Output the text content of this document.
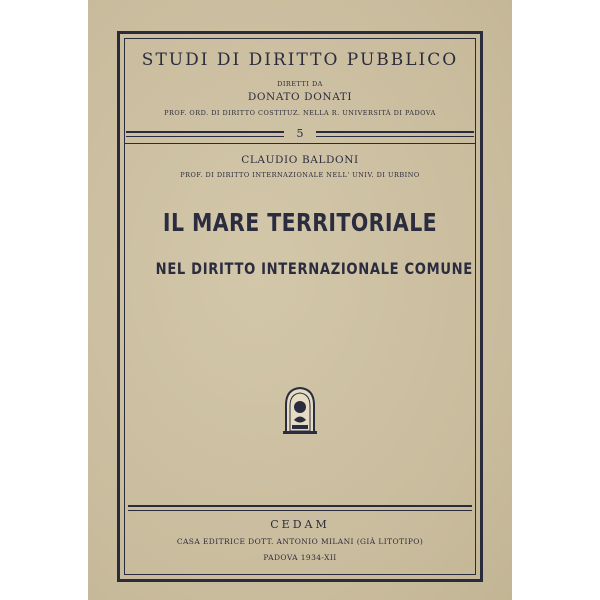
STUDI DI DIRITTO PUBBLICO
DIRETTI DA
DONATO DONATI
PROF. ORD. DI DIRITTO COSTITUZ. NELLA R. UNIVERSITÀ DI PADOVA
5
CLAUDIO BALDONI
PROF. DI DIRITTO INTERNAZIONALE NELL' UNIV. DI URBINO
IL MARE TERRITORIALE
NEL DIRITTO INTERNAZIONALE COMUNE
CEDAM
CASA EDITRICE DOTT. ANTONIO MILANI (GIÀ LITOTIPO)
PADOVA 1934-XII
